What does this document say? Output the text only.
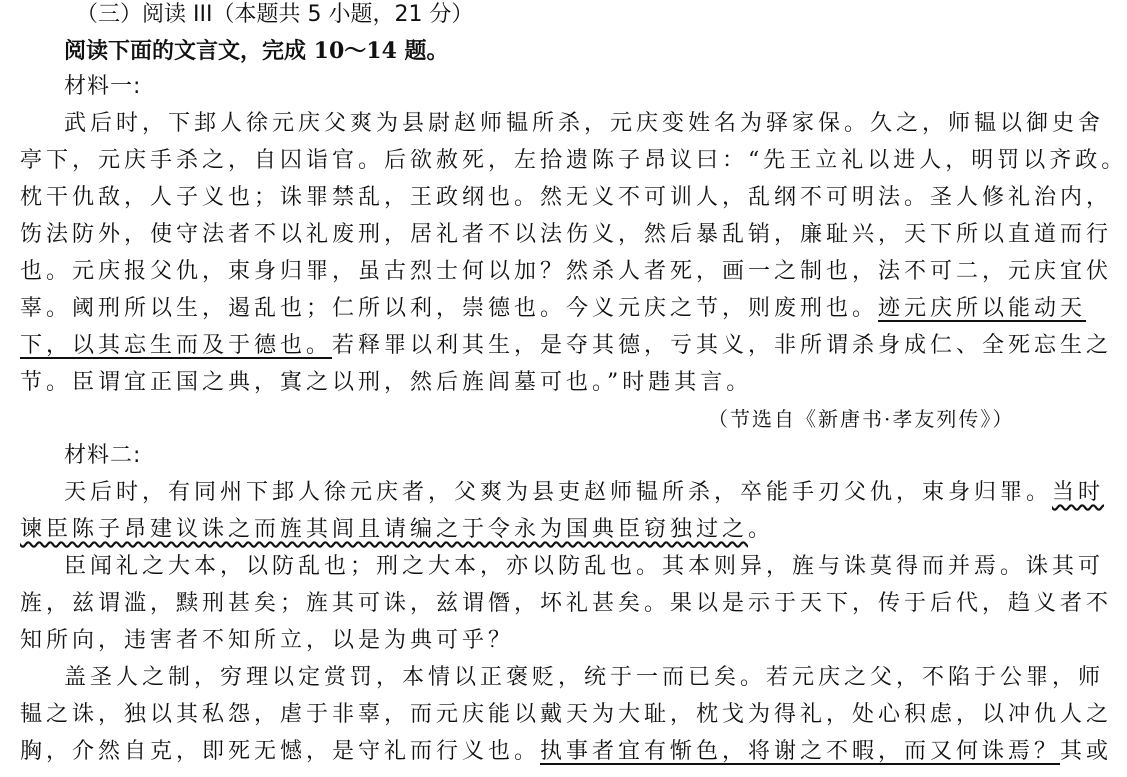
（三）阅读 III（本题共 5 小题，21 分）
阅读下面的文言文，完成 10～14 题。
材料一:
武后时，下邽人徐元庆父爽为县尉赵师韫所杀，元庆变姓名为驿家保。久之，师韫以御史舍
亭下，元庆手杀之，自囚诣官。后欲赦死，左拾遗陈子昂议曰：“先王立礼以进人，明罚以齐政。
枕干仇敌，人子义也；诛罪禁乱，王政纲也。然无义不可训人，乱纲不可明法。圣人修礼治内，
饬法防外，使守法者不以礼废刑，居礼者不以法伤义，然后暴乱销，廉耻兴，天下所以直道而行
也。元庆报父仇，束身归罪，虽古烈士何以加？然杀人者死，画一之制也，法不可二，元庆宜伏
辜。阈刑所以生，遏乱也；仁所以利，崇德也。今义元庆之节，则废刑也。迹元庆所以能动天
下，以其忘生而及于德也。若释罪以利其生，是夺其德，亏其义，非所谓杀身成仁、全死忘生之
节。臣谓宜正国之典，寘之以刑，然后旌闾墓可也。”时韪其言。
（节选自《新唐书·孝友列传》）
材料二:
天后时，有同州下邽人徐元庆者，父爽为县吏赵师韫所杀，卒能手刃父仇，束身归罪。当时
谏臣陈子昂建议诛之而旌其闾且请编之于令永为国典臣窃独过之。
臣闻礼之大本，以防乱也；刑之大本，亦以防乱也。其本则异，旌与诛莫得而并焉。诛其可
旌，兹谓滥，黩刑甚矣；旌其可诛，兹谓僭，坏礼甚矣。果以是示于天下，传于后代，趋义者不
知所向，违害者不知所立，以是为典可乎？
盖圣人之制，穷理以定赏罚，本情以正褒贬，统于一而已矣。若元庆之父，不陷于公罪，师
韫之诛，独以其私怨，虐于非辜，而元庆能以戴天为大耻，枕戈为得礼，处心积虑，以冲仇人之
胸，介然自克，即死无憾，是守礼而行义也。执事者宜有惭色，将谢之不暇，而又何诛焉？其或
